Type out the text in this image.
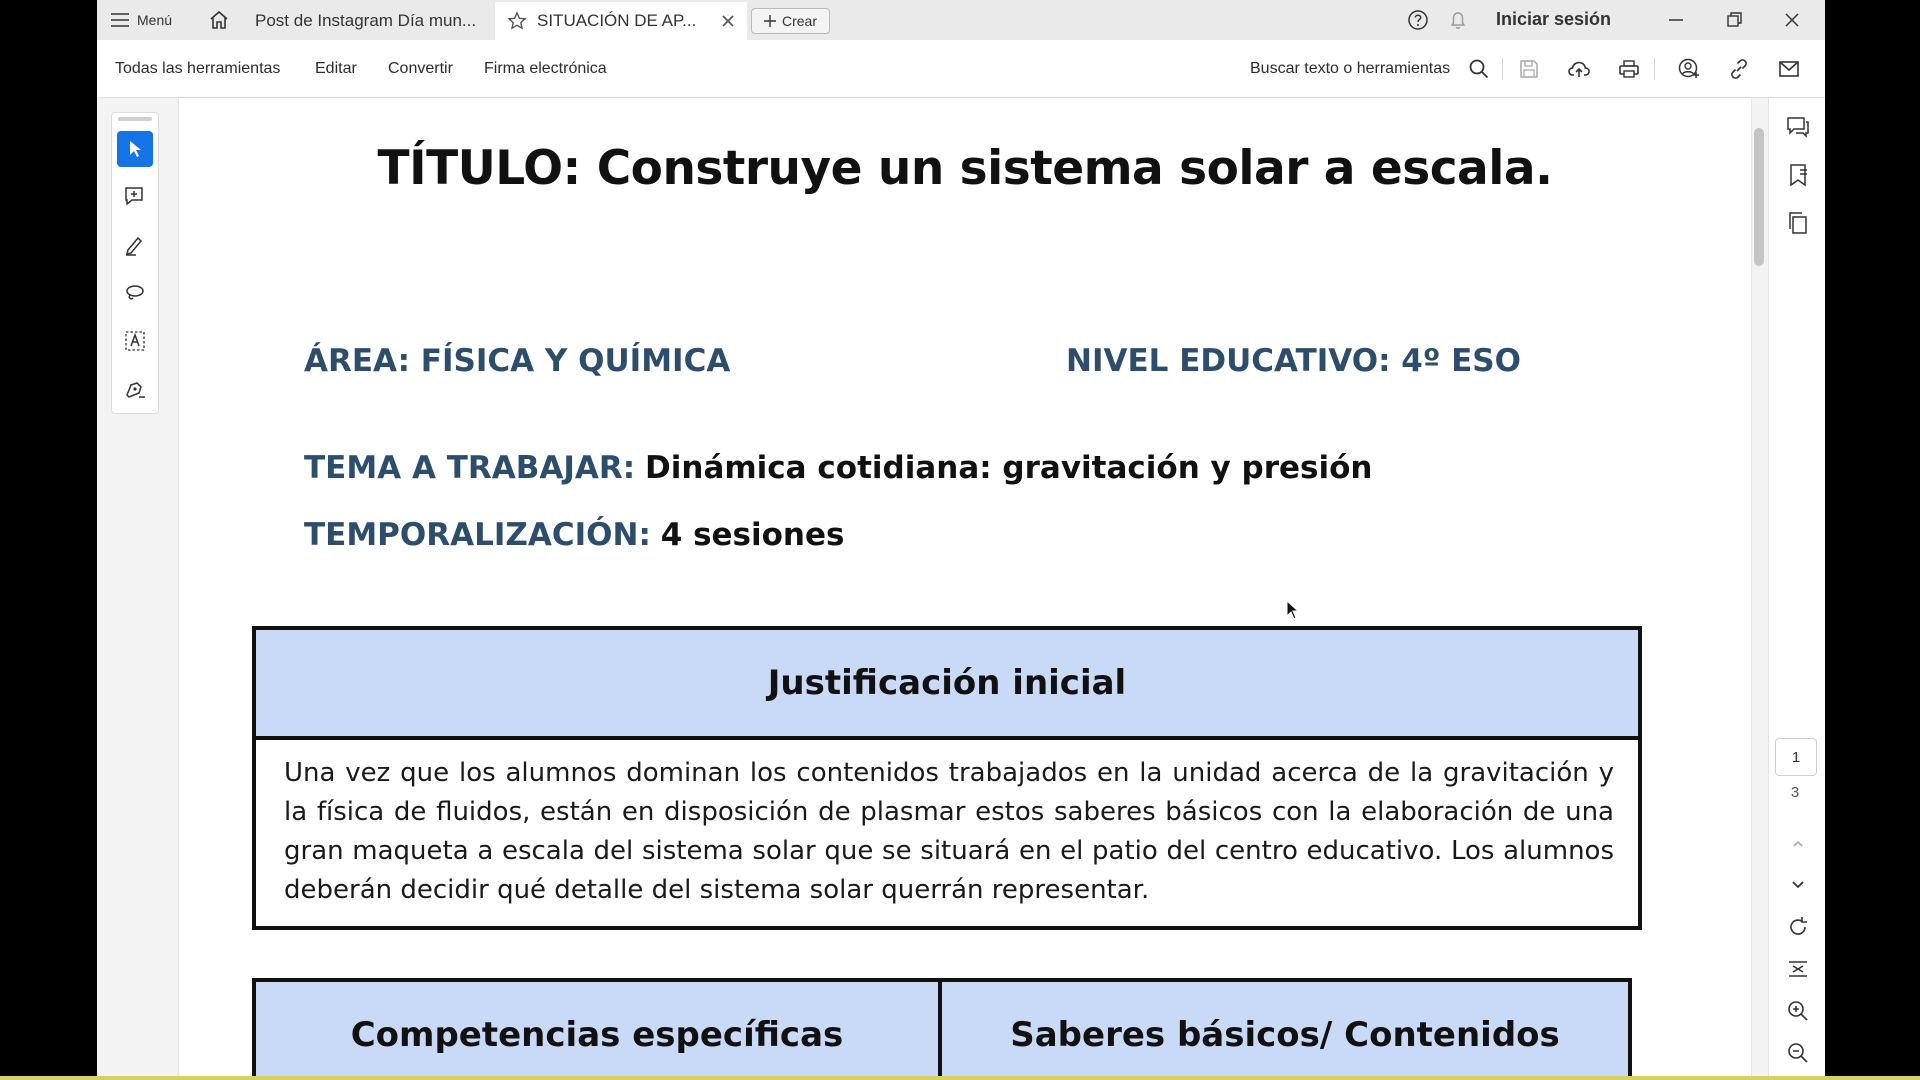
Menú	Post de Instagram Día mun...	SITUACIÓN DE AP...	Crear	Iniciar sesión
Todas las herramientas Editar Convertir Firma electrónica	Buscar texto o herramientas
TÍTULO: Construye un sistema solar a escala.
ÁREA: FÍSICA Y QUÍMICA	NIVEL EDUCATIVO: 4º ESO
TEMA A TRABAJAR: Dinámica cotidiana: gravitación y presión
TEMPORALIZACIÓN: 4 sesiones
Justificación inicial
Una vez que los alumnos dominan los contenidos trabajados en la unidad acerca de la gravitación y la física de fluidos, están en disposición de plasmar estos saberes básicos con la elaboración de una gran maqueta a escala del sistema solar que se situará en el patio del centro educativo. Los alumnos deberán decidir qué detalle del sistema solar querrán representar.
Competencias específicas	Saberes básicos/ Contenidos

1
3
